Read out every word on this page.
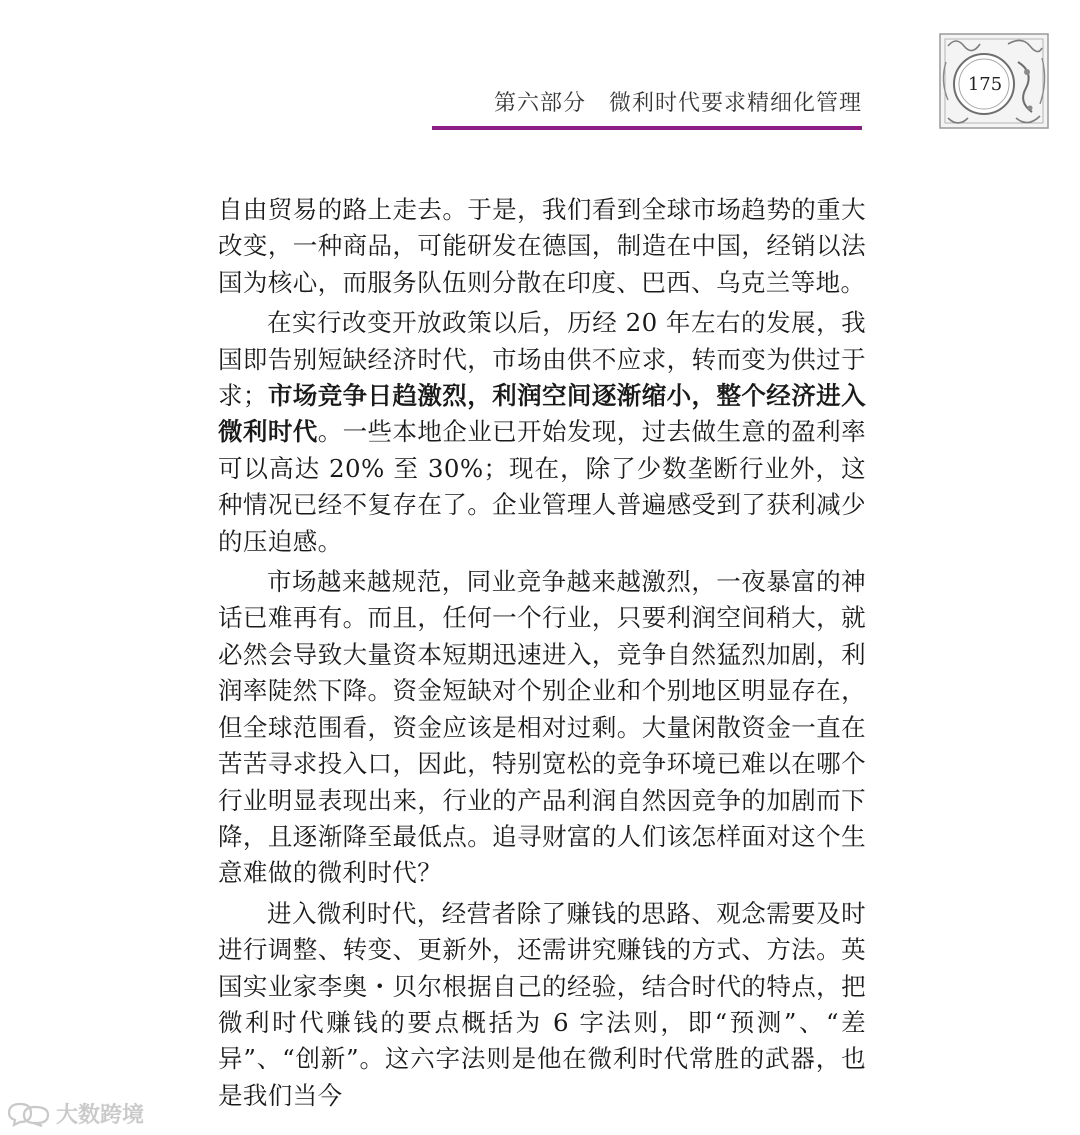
第六部分　微利时代要求精细化管理
175

自由贸易的路上走去。于是，我们看到全球市场趋势的重大改变，一种商品，可能研发在德国，制造在中国，经销以法国为核心，而服务队伍则分散在印度、巴西、乌克兰等地。

在实行改变开放政策以后，历经 20 年左右的发展，我国即告别短缺经济时代，市场由供不应求，转而变为供过于求；市场竞争日趋激烈，利润空间逐渐缩小，整个经济进入微利时代。一些本地企业已开始发现，过去做生意的盈利率可以高达 20% 至 30%；现在，除了少数垄断行业外，这种情况已经不复存在了。企业管理人普遍感受到了获利减少的压迫感。

市场越来越规范，同业竞争越来越激烈，一夜暴富的神话已难再有。而且，任何一个行业，只要利润空间稍大，就必然会导致大量资本短期迅速进入，竞争自然猛烈加剧，利润率陡然下降。资金短缺对个别企业和个别地区明显存在，但全球范围看，资金应该是相对过剩。大量闲散资金一直在苦苦寻求投入口，因此，特别宽松的竞争环境已难以在哪个行业明显表现出来，行业的产品利润自然因竞争的加剧而下降，且逐渐降至最低点。追寻财富的人们该怎样面对这个生意难做的微利时代？

进入微利时代，经营者除了赚钱的思路、观念需要及时进行调整、转变、更新外，还需讲究赚钱的方式、方法。英国实业家李奥・贝尔根据自己的经验，结合时代的特点，把微利时代赚钱的要点概括为 6 字法则，即“预测”、“差异”、“创新”。这六字法则是他在微利时代常胜的武器，也是我们当今

大数跨境
